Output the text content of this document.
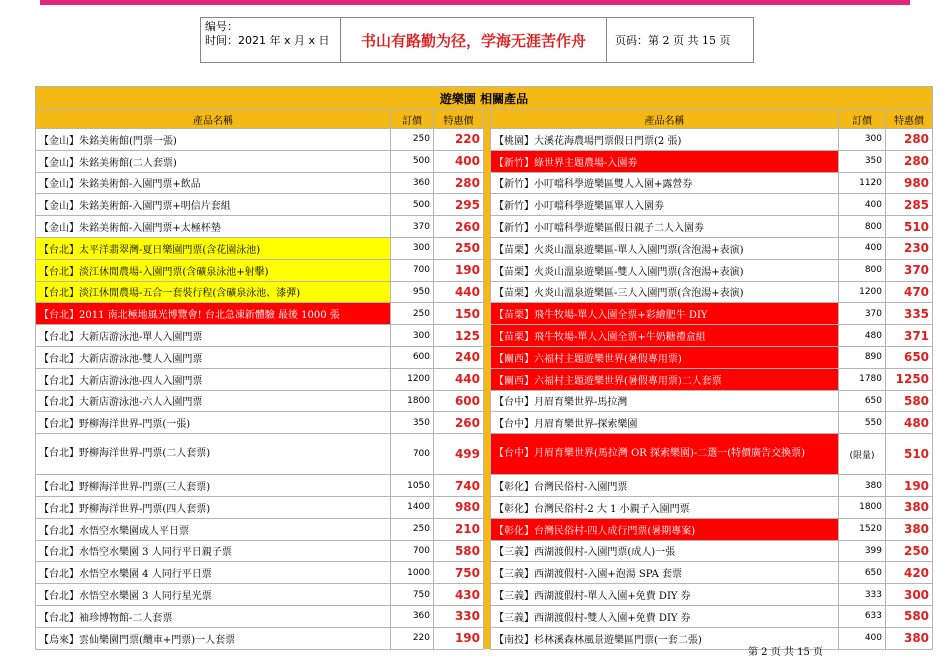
编号：
时间：2021 年 x 月 x 日	书山有路勤为径，学海无涯苦作舟	页码：第 2 页 共 15 页
遊樂園 相關產品						
產品名稱	訂價	特惠價		產品名稱	訂價	特惠價
【金山】朱銘美術館(門票一張)	250	220		【桃園】大溪花海農場門票假日門票(2 張)	300	280
【金山】朱銘美術館(二人套票)	500	400		【新竹】綠世界主題農場-入園劵	350	280
【金山】朱銘美術館-入園門票+飲品	360	280		【新竹】小叮噹科學遊樂區雙人入園+露營券	1120	980
【金山】朱銘美術館-入園門票+明信片套組	500	295		【新竹】小叮噹科學遊樂區單人入園劵	400	285
【金山】朱銘美術館-入園門票+太極杯墊	370	260		【新竹】小叮噹科學遊樂區假日親子二人入園劵	800	510
【台北】太平洋翡翠灣-夏日樂園門票(含花園泳池)	300	250		【苗栗】火炎山溫泉遊樂區-單人入園門票(含泡湯+表演)	400	230
【台北】淡江休閒農場-入園門票(含礦泉泳池+射擊)	700	190		【苗栗】火炎山溫泉遊樂區-雙人入園門票(含泡湯+表演)	800	370
【台北】淡江休閒農場-五合一套裝行程(含礦泉泳池、漆彈)	950	440		【苗栗】火炎山溫泉遊樂區-三人入園門票(含泡湯+表演)	1200	470
【台北】2011 南北極地風光博覽會! 台北急凍新體驗 最後 1000 張	250	150		【苗栗】飛牛牧場-單人入園全票+彩繪肥牛 DIY	370	335
【台北】大新店游泳池-單人入園門票	300	125		【苗栗】飛牛牧場-單人入園全票+牛奶糖禮盒組	480	371
【台北】大新店游泳池-雙人入園門票	600	240		【關西】六福村主題遊樂世界(暑假專用票)	890	650
【台北】大新店游泳池-四人入園門票	1200	440		【關西】六福村主題遊樂世界(暑假專用票)二人套票	1780	1250
【台北】大新店游泳池-六人入園門票	1800	600		【台中】月眉育樂世界-馬拉灣	650	580
【台北】野柳海洋世界-門票(一張)	350	260		【台中】月眉育樂世界-探索樂園	550	480
【台北】野柳海洋世界-門票(二人套票)	700	499		【台中】月眉育樂世界(馬拉灣 OR 探索樂園)-二選一(特價廣告交換票)	(限量)	510
【台北】野柳海洋世界-門票(三人套票)	1050	740		【彰化】台灣民俗村-入園門票	380	190
【台北】野柳海洋世界-門票(四人套票)	1400	980		【彰化】台灣民俗村-2 大 1 小親子入園門票	1800	380
【台北】水悟空水樂園成人平日票	250	210		【彰化】台灣民俗村-四人成行門票(暑期專案)	1520	380
【台北】水悟空水樂園 3 人同行平日親子票	700	580		【三義】西湖渡假村-入園門票(成人)一張	399	250
【台北】水悟空水樂園 4 人同行平日票	1000	750		【三義】西湖渡假村-入園+泡湯 SPA 套票	650	420
【台北】水悟空水樂園 3 人同行星光票	750	430		【三義】西湖渡假村-單人入園+免費 DIY 券	333	300
【台北】袖珍博物館-二人套票	360	330		【三義】西湖渡假村-雙人入園+免費 DIY 券	633	580
【烏來】雲仙樂園門票(纜車+門票)一人套票	220	190		【南投】杉林溪森林風景遊樂區門票(一套二張)	400	380
第 2 页 共 15 页
